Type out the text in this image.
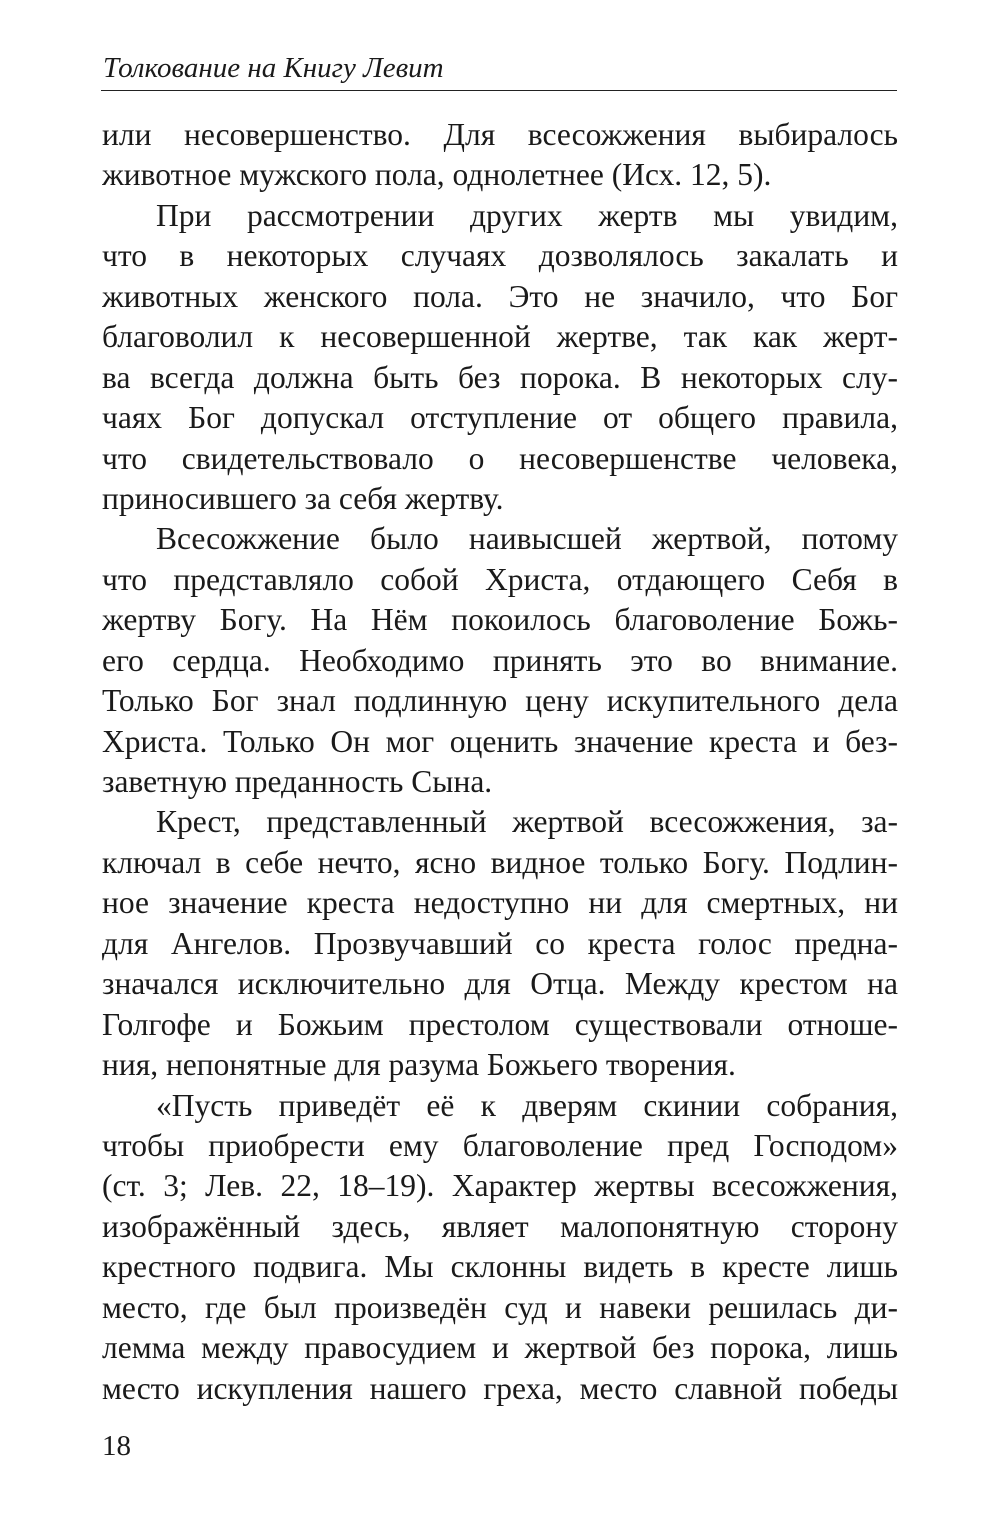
Толкование на Книгу Левит
или несовершенство. Для всесожжения выбиралось
животное мужского пола, однолетнее (Исх. 12, 5).
При рассмотрении других жертв мы увидим,
что в некоторых случаях дозволялось закалать и
животных женского пола. Это не значило, что Бог
благоволил к несовершенной жертве, так как жерт-
ва всегда должна быть без порока. В некоторых слу-
чаях Бог допускал отступление от общего правила,
что свидетельствовало о несовершенстве человека,
приносившего за себя жертву.
Всесожжение было наивысшей жертвой, потому
что представляло собой Христа, отдающего Себя в
жертву Богу. На Нём покоилось благоволение Божь-
его сердца. Необходимо принять это во внимание.
Только Бог знал подлинную цену искупительного дела
Христа. Только Он мог оценить значение креста и без-
заветную преданность Сына.
Крест, представленный жертвой всесожжения, за-
ключал в себе нечто, ясно видное только Богу. Подлин-
ное значение креста недоступно ни для смертных, ни
для Ангелов. Прозвучавший со креста голос предна-
значался исключительно для Отца. Между крестом на
Голгофе и Божьим престолом существовали отноше-
ния, непонятные для разума Божьего творения.
«Пусть приведёт её к дверям скинии собрания,
чтобы приобрести ему благоволение пред Господом»
(ст. 3; Лев. 22, 18–19). Характер жертвы всесожжения,
изображённый здесь, являет малопонятную сторону
крестного подвига. Мы склонны видеть в кресте лишь
место, где был произведён суд и навеки решилась ди-
лемма между правосудием и жертвой без порока, лишь
место искупления нашего греха, место славной победы
18
